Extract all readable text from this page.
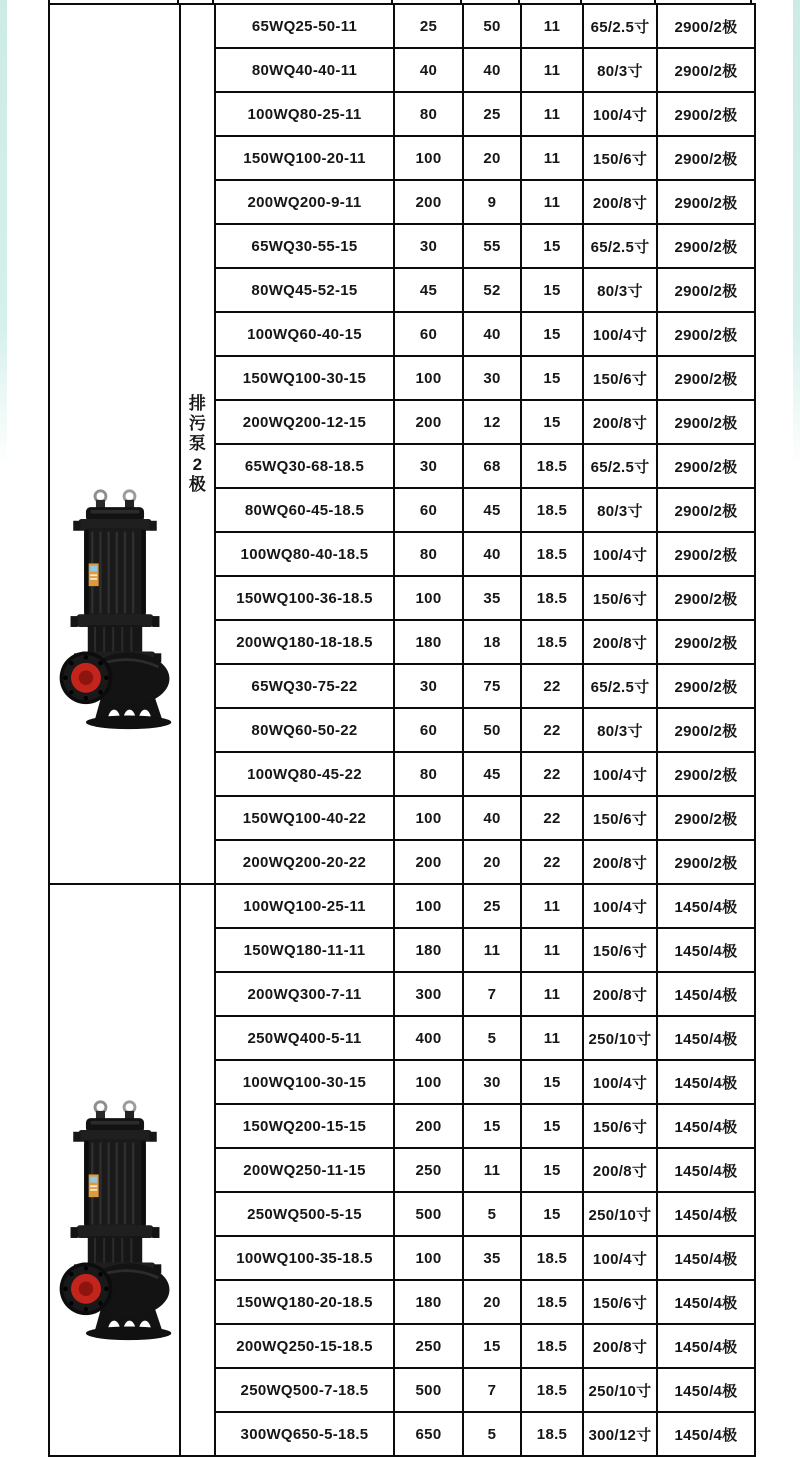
排
污
泵
2
极	65WQ25-50-11	25	50	11	65/2.5寸	2900/2极
		80WQ40-40-11	40	40	11	80/3寸	2900/2极
		100WQ80-25-11	80	25	11	100/4寸	2900/2极
		150WQ100-20-11	100	20	11	150/6寸	2900/2极
		200WQ200-9-11	200	9	11	200/8寸	2900/2极
		65WQ30-55-15	30	55	15	65/2.5寸	2900/2极
		80WQ45-52-15	45	52	15	80/3寸	2900/2极
		100WQ60-40-15	60	40	15	100/4寸	2900/2极
		150WQ100-30-15	100	30	15	150/6寸	2900/2极
		200WQ200-12-15	200	12	15	200/8寸	2900/2极
		65WQ30-68-18.5	30	68	18.5	65/2.5寸	2900/2极
		80WQ60-45-18.5	60	45	18.5	80/3寸	2900/2极
		100WQ80-40-18.5	80	40	18.5	100/4寸	2900/2极
		150WQ100-36-18.5	100	35	18.5	150/6寸	2900/2极
		200WQ180-18-18.5	180	18	18.5	200/8寸	2900/2极
		65WQ30-75-22	30	75	22	65/2.5寸	2900/2极
		80WQ60-50-22	60	50	22	80/3寸	2900/2极
		100WQ80-45-22	80	45	22	100/4寸	2900/2极
		150WQ100-40-22	100	40	22	150/6寸	2900/2极
		200WQ200-20-22	200	20	22	200/8寸	2900/2极

	100WQ100-25-11	100	25	11	100/4寸	1450/4极
		150WQ180-11-11	180	11	11	150/6寸	1450/4极
		200WQ300-7-11	300	7	11	200/8寸	1450/4极
		250WQ400-5-11	400	5	11	250/10寸	1450/4极
		100WQ100-30-15	100	30	15	100/4寸	1450/4极
		150WQ200-15-15	200	15	15	150/6寸	1450/4极
		200WQ250-11-15	250	11	15	200/8寸	1450/4极
		250WQ500-5-15	500	5	15	250/10寸	1450/4极
		100WQ100-35-18.5	100	35	18.5	100/4寸	1450/4极
		150WQ180-20-18.5	180	20	18.5	150/6寸	1450/4极
		200WQ250-15-18.5	250	15	18.5	200/8寸	1450/4极
		250WQ500-7-18.5	500	7	18.5	250/10寸	1450/4极
		300WQ650-5-18.5	650	5	18.5	300/12寸	1450/4极
